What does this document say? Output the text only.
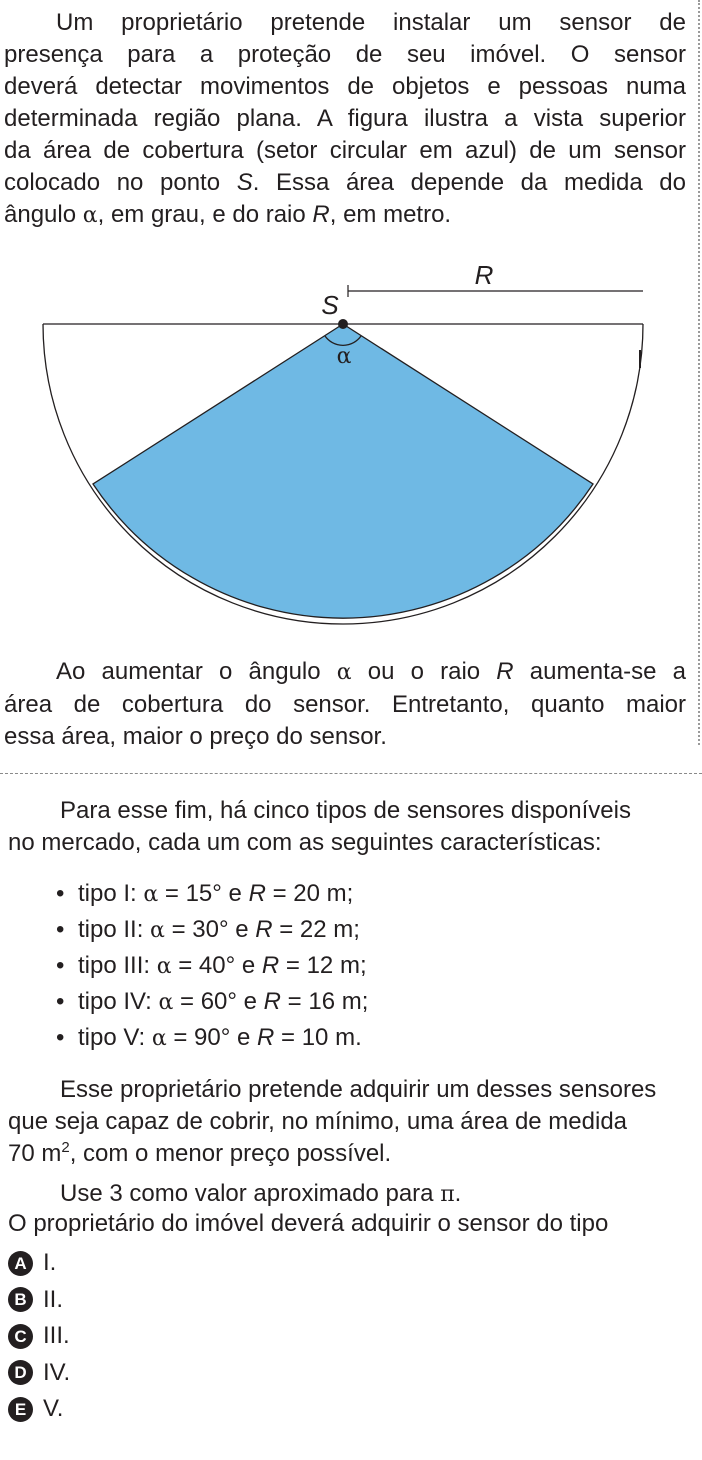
Um proprietário pretende instalar um sensor de
presença para a proteção de seu imóvel. O sensor
deverá detectar movimentos de objetos e pessoas numa
determinada região plana. A figura ilustra a vista superior
da área de cobertura (setor circular em azul) de um sensor
colocado no ponto S. Essa área depende da medida do
ângulo α, em grau, e do raio R, em metro.

R
S
α

Ao aumentar o ângulo α ou o raio R aumenta-se a
área de cobertura do sensor. Entretanto, quanto maior
essa área, maior o preço do sensor.

Para esse fim, há cinco tipos de sensores disponíveis
no mercado, cada um com as seguintes características:

• tipo I: α = 15° e R = 20 m;
• tipo II: α = 30° e R = 22 m;
• tipo III: α = 40° e R = 12 m;
• tipo IV: α = 60° e R = 16 m;
• tipo V: α = 90° e R = 10 m.

Esse proprietário pretende adquirir um desses sensores
que seja capaz de cobrir, no mínimo, uma área de medida
70 $m^2$, com o menor preço possível.

Use 3 como valor aproximado para π.

O proprietário do imóvel deverá adquirir o sensor do tipo

A I.
B II.
C III.
D IV.
E V.
